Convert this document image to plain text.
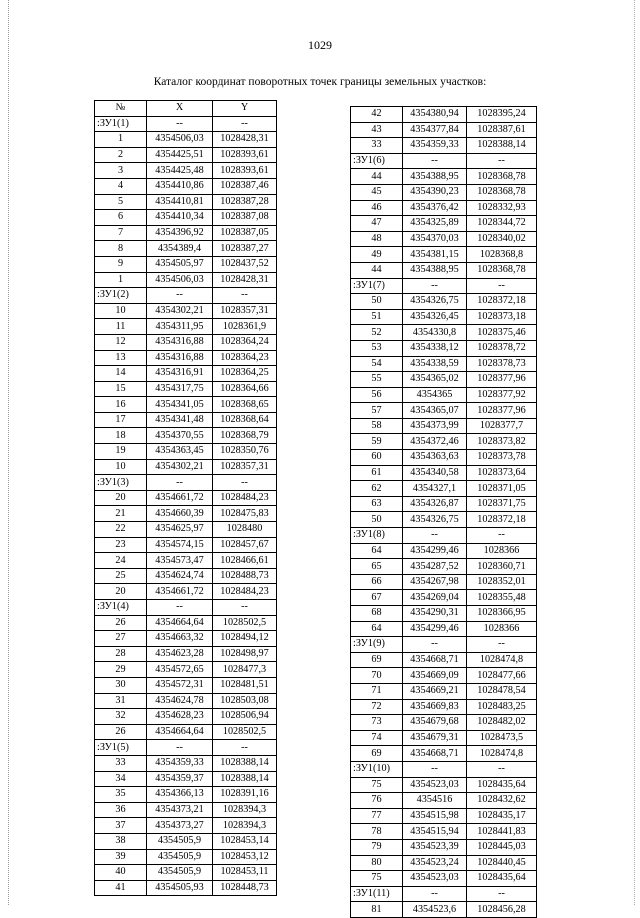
1029
Каталог координат поворотных точек границы земельных участков:
№	X	Y
:ЗУ1(1)	--	--
1	4354506,03	1028428,31
2	4354425,51	1028393,61
3	4354425,48	1028393,61
4	4354410,86	1028387,46
5	4354410,81	1028387,28
6	4354410,34	1028387,08
7	4354396,92	1028387,05
8	4354389,4	1028387,27
9	4354505,97	1028437,52
1	4354506,03	1028428,31
:ЗУ1(2)	--	--
10	4354302,21	1028357,31
11	4354311,95	1028361,9
12	4354316,88	1028364,24
13	4354316,88	1028364,23
14	4354316,91	1028364,25
15	4354317,75	1028364,66
16	4354341,05	1028368,65
17	4354341,48	1028368,64
18	4354370,55	1028368,79
19	4354363,45	1028350,76
10	4354302,21	1028357,31
:ЗУ1(3)	--	--
20	4354661,72	1028484,23
21	4354660,39	1028475,83
22	4354625,97	1028480
23	4354574,15	1028457,67
24	4354573,47	1028466,61
25	4354624,74	1028488,73
20	4354661,72	1028484,23
:ЗУ1(4)	--	--
26	4354664,64	1028502,5
27	4354663,32	1028494,12
28	4354623,28	1028498,97
29	4354572,65	1028477,3
30	4354572,31	1028481,51
31	4354624,78	1028503,08
32	4354628,23	1028506,94
26	4354664,64	1028502,5
:ЗУ1(5)	--	--
33	4354359,33	1028388,14
34	4354359,37	1028388,14
35	4354366,13	1028391,16
36	4354373,21	1028394,3
37	4354373,27	1028394,3
38	4354505,9	1028453,14
39	4354505,9	1028453,12
40	4354505,9	1028453,11
41	4354505,93	1028448,73
42	4354380,94	1028395,24
43	4354377,84	1028387,61
33	4354359,33	1028388,14
:ЗУ1(6)	--	--
44	4354388,95	1028368,78
45	4354390,23	1028368,78
46	4354376,42	1028332,93
47	4354325,89	1028344,72
48	4354370,03	1028340,02
49	4354381,15	1028368,8
44	4354388,95	1028368,78
:ЗУ1(7)	--	--
50	4354326,75	1028372,18
51	4354326,45	1028373,18
52	4354330,8	1028375,46
53	4354338,12	1028378,72
54	4354338,59	1028378,73
55	4354365,02	1028377,96
56	4354365	1028377,92
57	4354365,07	1028377,96
58	4354373,99	1028377,7
59	4354372,46	1028373,82
60	4354363,63	1028373,78
61	4354340,58	1028373,64
62	4354327,1	1028371,05
63	4354326,87	1028371,75
50	4354326,75	1028372,18
:ЗУ1(8)	--	--
64	4354299,46	1028366
65	4354287,52	1028360,71
66	4354267,98	1028352,01
67	4354269,04	1028355,48
68	4354290,31	1028366,95
64	4354299,46	1028366
:ЗУ1(9)	--	--
69	4354668,71	1028474,8
70	4354669,09	1028477,66
71	4354669,21	1028478,54
72	4354669,83	1028483,25
73	4354679,68	1028482,02
74	4354679,31	1028473,5
69	4354668,71	1028474,8
:ЗУ1(10)	--	--
75	4354523,03	1028435,64
76	4354516	1028432,62
77	4354515,98	1028435,17
78	4354515,94	1028441,83
79	4354523,39	1028445,03
80	4354523,24	1028440,45
75	4354523,03	1028435,64
:ЗУ1(11)	--	--
81	4354523,6	1028456,28
